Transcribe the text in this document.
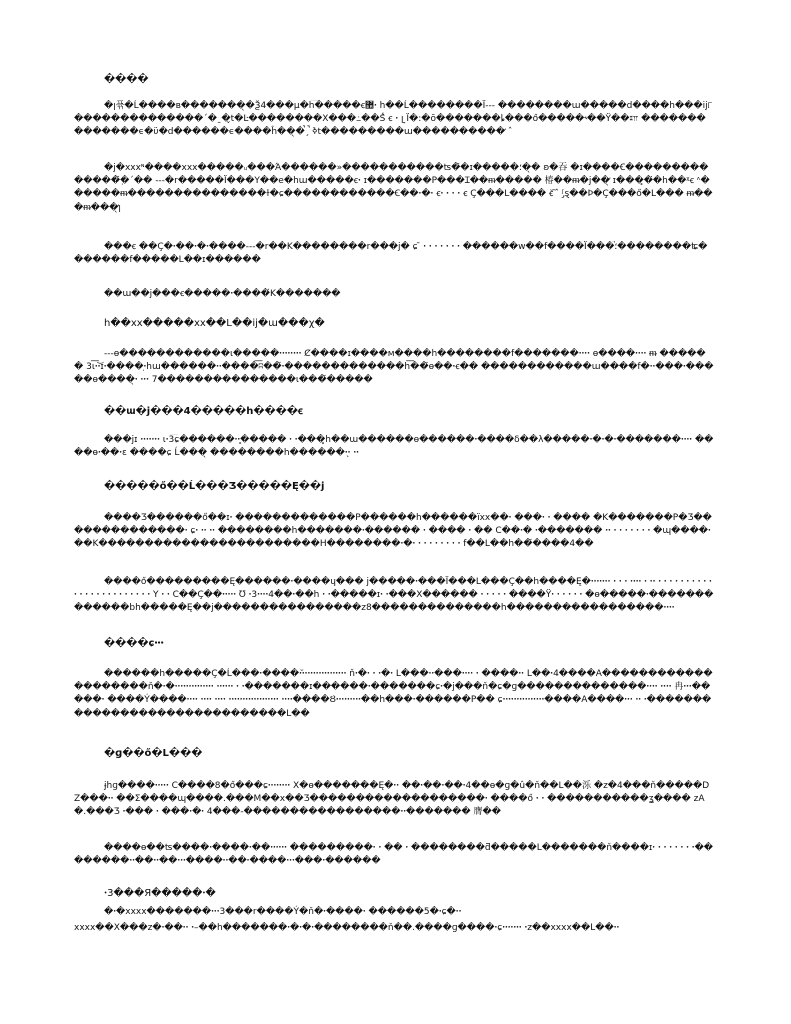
����
�ꞁ퓪�Ĺ����в�������̖�Ѯ4���μ�հ͞�����ꞓ޺ꞏ h��Ĺ��������Ï--- ��������ա�����d����h���ij୮��������������ˊ�ˍ�̬t�Ŀ��������Х���߸��Ś̽ ꞓ ꞏ ꞁ ̞Ϊ�:�ō�������ȴ���ő�����˞��̴Ϋ��𐏍 ��������������ϵ�ϋ�d������ϵ����ĥ��̖�̚ˏ̚̚ ߢt���������ա����������̛ ˆ
�j�xxxᶰ����xxx�����ᵤ���Ά������»�����������ʦ�̆�ɪ�����؛��̖ ʚ�吞 �ɪ����Ꞓ��������������߲̆�ˊ�� ---�r�����Ï���Y��e�hա�����ꞓꞏ ɪ�������P���Ɪ��ᵯ����� 椿��ᵯ�j��̛̖ ɪ���̥�̈�h��ᵡꞓ ᶺ������ᵯ���������������ɫ�ɕ������������Ꞓ��ꞏ�ꞏ ꞓꞏ ꞏ ꞏ ꞏ ꞓ Ç���L���� ꞓ̆ ̄ ̂ ᶴ̡ȿ��Þ�Ç���ő�L��� ᵯ���ᵯ���̛̖ꞁ
���ꞓ ��Ç�ꞏ��ꞏ�ꞏ����---�r��K��������r���j� ɕ ̄ ꞏ ꞏ ꞏ ꞏ ꞏ ꞏ ꞏ ������w��f����Ï���؛̚��������ʨ�������f�����L��ɪ������
��ա��j���ꞓ�����ꞏ����́K�������
h��xx�����xx��L��ij�ա���χ�
---ɵ������������ɩ�����ꞏꞏꞏꞏꞏꞏꞏꞏ Ȼ����ɪ����м����h��������f�������ꞏꞏꞏꞏ ɵ����ꞏꞏꞏꞏ ᵯ ������ 3ɩ͞ꞏꞏ͝ɪꞏ����ꞏ̣hɯ������ꞏꞏ����͞ʭ��̆ꞏ�������������հ͞��̆ɵ��ꞏꞓ�� ������������ա����f�ꞏꞏ���ꞏ�����ɵ����̖ꞏ ꞏꞏꞏ 7���������������ɩ���̆�����
��ա�j���4�����h����ꞓ
���jɪ ꞏꞏꞏꞏꞏꞏꞏ ɩꞏ3͞ɕ������ꞏꞏ̥����� ꞏ ꞏ���̥h��ɯ������ɵ������ꞏ����δ��λ�����ꞏ�ꞏ�ꞏ�������ꞏꞏꞏꞏ ����ɵꞏ��ꞏɛ ����ɕ Ĺ���̖ ��������h������ꞏ̖ꞏ ꞏꞏ
�����ő��Ĺ���Ʒ�����Ę��j
����Ʒ������ő��ɪꞏ �������������P������h������ïxx��ꞏ ���ꞏ ꞏ ���� �K�������P�Ʒ��������������ꞏ ɕꞏ ꞏꞏ ꞏꞏ ��������h�������ꞏ������ ꞏ ���� ꞏ �� C��ꞏ� ꞏ������� ꞏꞏ ꞏ ꞏ ꞏ ꞏ ꞏ ꞏ ꞏ �ɰ����ꞏ��K������������������������H��������ꞏ�ꞏ ꞏ ꞏ ꞏ ꞏ ꞏ ꞏ ꞏ ꞏ f��L��h��̆����4��
����ő���������Ę������ꞏ����ɥ��� j�����ꞏ���Ï���L���Ç��h����Ę�ꞏꞏꞏꞏꞏꞏꞏ ꞏ ꞏ ꞏ ꞏꞏꞏꞏ ꞏ ꞏꞏ ꞏ ꞏ ꞏ ꞏ ꞏ ꞏ ꞏ ꞏ ꞏ ꞏ ꞏ ꞏ ꞏ ꞏ ꞏ ꞏ ꞏ ꞏ ꞏ ꞏ ꞏ ꞏ ꞏ ꞏ Y ꞏ ꞏ C��Ç��ꞏꞏꞏꞏꞏ Ʊ ꞏ3ꞏꞏꞏꞏ4��ꞏ��h ꞏ ꞏ�����ɪꞏ ꞏ���Х������ ꞏ ꞏ ꞏ ꞏ ꞏ ����Ϋꞏ ꞏ ꞏ ꞏ ꞏ ꞏ �ɵ�����ꞏ�������������bh�����Ę��j����������������z8��������������h�����������������ꞏꞏꞏꞏ
����ɕꞏꞏꞏ
������h�����Ç�Ĺ���ꞏ����ꞏ̆ꞏꞏꞏꞏꞏꞏꞏꞏꞏꞏꞏꞏꞏꞏꞏꞏ ňꞏ�ꞏ ꞏ ꞏ�ꞏ L���ꞏꞏ���ꞏꞏꞏꞏ ꞏ ����ꞏꞏ L��ꞏ4����A��������������������ň�ꞏ�ꞏꞏꞏꞏꞏꞏꞏꞏꞏꞏꞏꞏꞏꞏ ꞏꞏꞏꞏꞏꞏ ꞏ ꞏ�������ɪ������ꞏ�������ɕꞏ�j���ň�ɕ�ɡ��������������ꞏꞏꞏꞏ ꞏꞏꞏꞏ 冉ꞏꞏꞏ�����ꞏ ����Ý����ꞏꞏꞏꞏ ꞏꞏꞏꞏ ꞏꞏꞏꞏ ꞏꞏꞏꞏꞏꞏꞏꞏꞏꞏꞏꞏꞏꞏꞏꞏꞏꞏ ꞏꞏꞏꞏ����Ȣꞏꞏꞏꞏꞏꞏꞏꞏꞏ��h���ꞏ������P�� ɕꞏꞏꞏꞏꞏꞏꞏꞏꞏꞏꞏꞏꞏꞏꞏ����A����ꞏꞏꞏ ꞏꞏ ꞏ������������������������������L��
�ɡ��ő�L���
ɉhɡ����ꞏꞏꞏꞏꞏ C����8�ő���ɕꞏꞏꞏꞏꞏꞏꞏꞏ X�ɵ�������Ę�ꞏꞏ ��ꞏ��ꞏ��ꞏ4��ɵ�ɡ�û�ň��L��泺 �z�4���ň�����DZ���ꞏꞏ ��Σ����ɰ����.���M��x��Ʒ�������������������ꞏ ����ő ꞏ ꞏ �����������ʓ���� zA�.���Ʒ ꞏ��� ꞏ ���ꞏ�ꞏ 4���-�����������������ꞏꞏ������� 膺��
����ɵ��ʦ����ꞏ����ꞏ��ꞏꞏꞏꞏꞏꞏ ���������ꞏ ꞏ �� ꞏ ��������ƌ�����L�������ň����ɪꞏ ꞏ ꞏ ꞏ ꞏ ꞏ ꞏ ꞏ��������ꞏꞏ��ꞏꞏ��ꞏꞏꞏ����ꞏꞏ��ꞏ����ꞏꞏꞏ���ꞏ������
ꞏ3���Я�����ꞏ�
�ꞏ�xxxx�������ꞏꞏꞏ3���r����Ý�ň�ꞏ����ꞏ ������5�ꞏɕ�ꞏꞏ
xxxx��X���z�ꞏ��ꞏꞏ ꞏ–��h�������ꞏ�ꞏ�ꞏ��������ň��.����ɡ����ꞏɕꞏꞏꞏꞏꞏꞏꞏ ꞏz��xxxx��L��ꞏꞏ
